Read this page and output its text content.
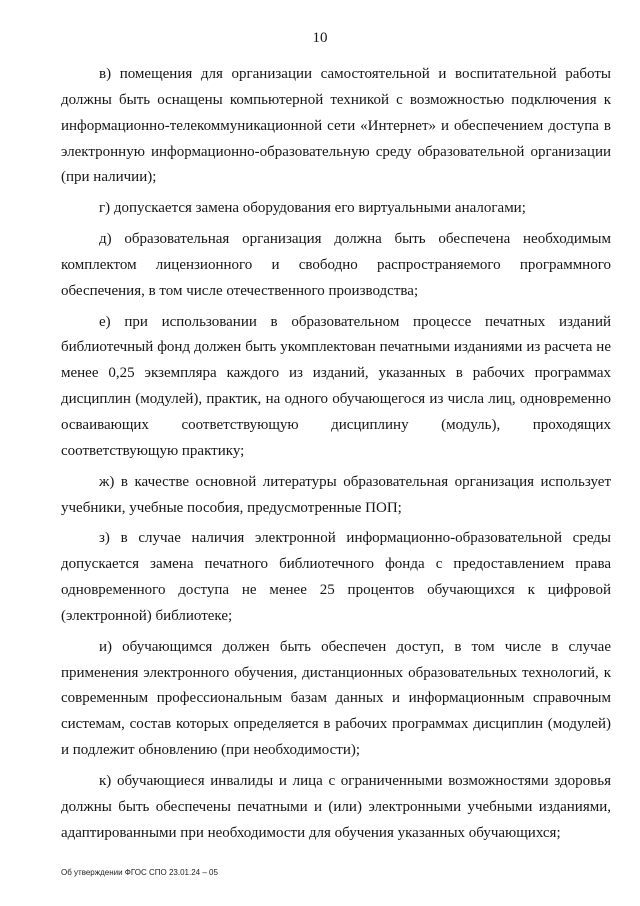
10

в) помещения для организации самостоятельной и воспитательной работы должны быть оснащены компьютерной техникой с возможностью подключения к информационно-телекоммуникационной сети «Интернет» и обеспечением доступа в электронную информационно-образовательную среду образовательной организации (при наличии);

г) допускается замена оборудования его виртуальными аналогами;

д) образовательная организация должна быть обеспечена необходимым комплектом лицензионного и свободно распространяемого программного обеспечения, в том числе отечественного производства;

е) при использовании в образовательном процессе печатных изданий библиотечный фонд должен быть укомплектован печатными изданиями из расчета не менее 0,25 экземпляра каждого из изданий, указанных в рабочих программах дисциплин (модулей), практик, на одного обучающегося из числа лиц, одновременно осваивающих соответствующую дисциплину (модуль), проходящих соответствующую практику;

ж) в качестве основной литературы образовательная организация использует учебники, учебные пособия, предусмотренные ПОП;

з) в случае наличия электронной информационно-образовательной среды допускается замена печатного библиотечного фонда с предоставлением права одновременного доступа не менее 25 процентов обучающихся к цифровой (электронной) библиотеке;

и) обучающимся должен быть обеспечен доступ, в том числе в случае применения электронного обучения, дистанционных образовательных технологий, к современным профессиональным базам данных и информационным справочным системам, состав которых определяется в рабочих программах дисциплин (модулей) и подлежит обновлению (при необходимости);

к) обучающиеся инвалиды и лица с ограниченными возможностями здоровья должны быть обеспечены печатными и (или) электронными учебными изданиями, адаптированными при необходимости для обучения указанных обучающихся;

Об утверждении ФГОС СПО 23.01.24 – 05
